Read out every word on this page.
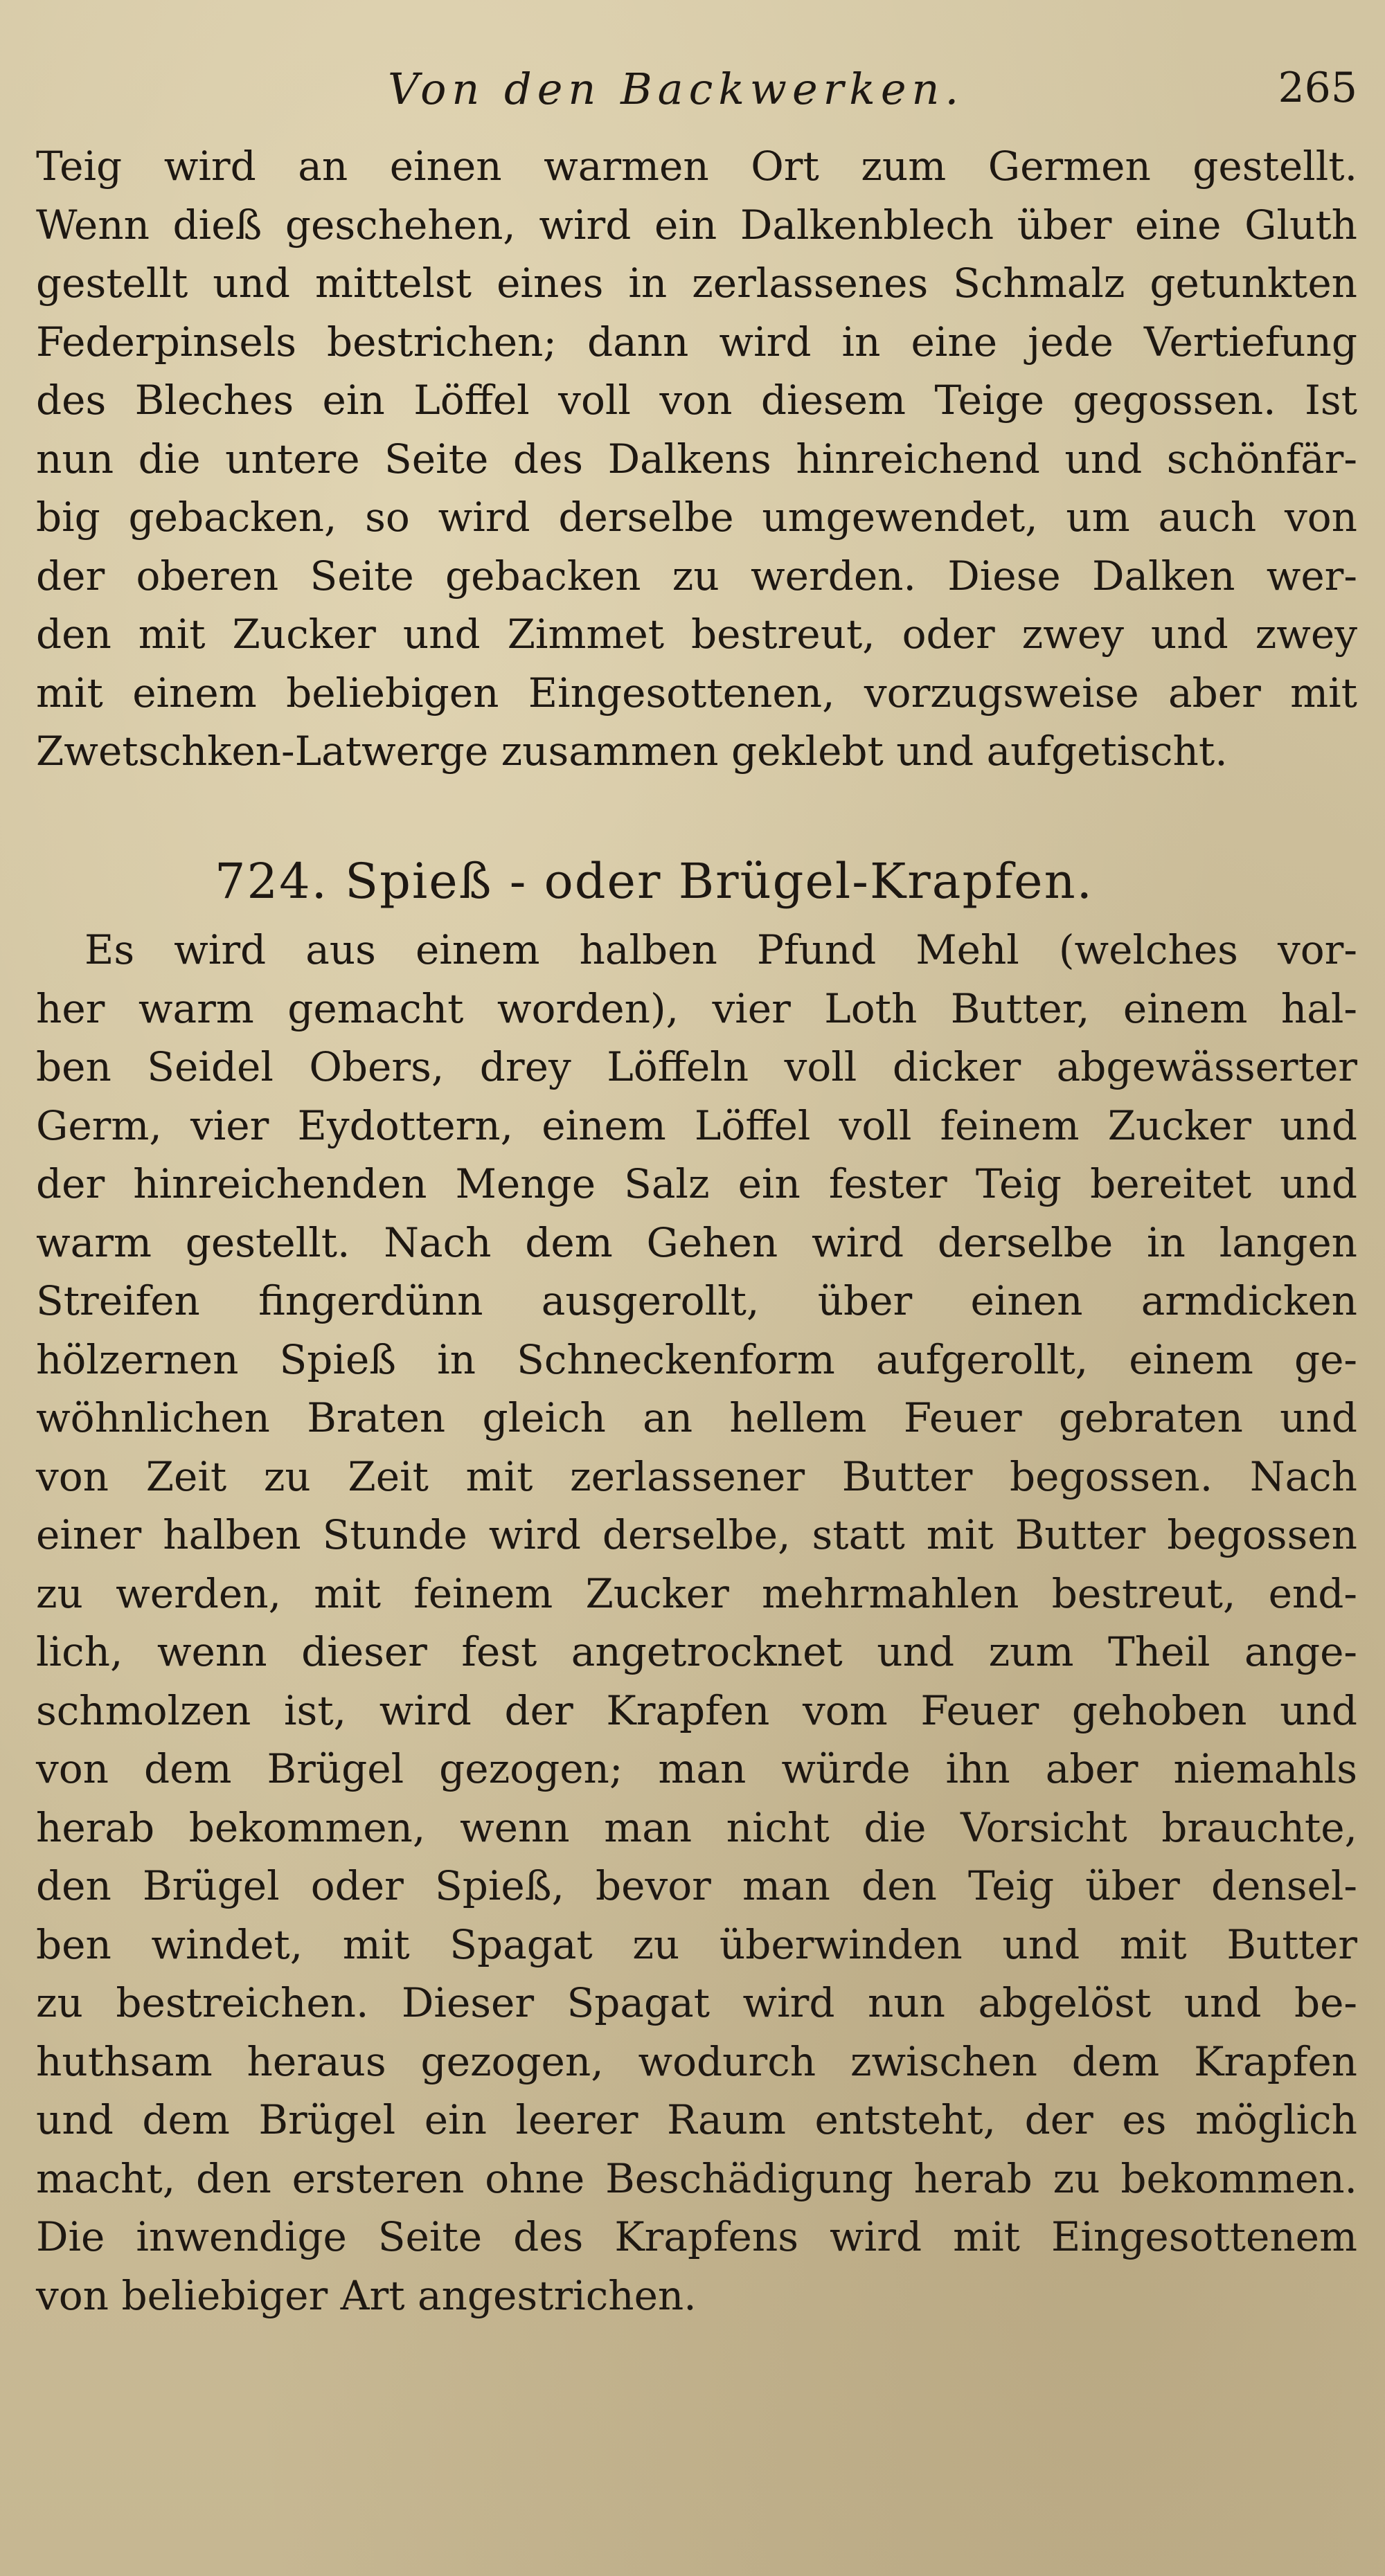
Von den Backwerken.	265
Teig wird an einen warmen Ort zum Germen gestellt.
Wenn dieß geschehen, wird ein Dalkenblech über eine Gluth
gestellt und mittelst eines in zerlassenes Schmalz getunkten
Federpinsels bestrichen; dann wird in eine jede Vertiefung
des Bleches ein Löffel voll von diesem Teige gegossen. Ist
nun die untere Seite des Dalkens hinreichend und schönfär-
big gebacken, so wird derselbe umgewendet, um auch von
der oberen Seite gebacken zu werden. Diese Dalken wer-
den mit Zucker und Zimmet bestreut, oder zwey und zwey
mit einem beliebigen Eingesottenen, vorzugsweise aber mit
Zwetschken-Latwerge zusammen geklebt und aufgetischt.
724. Spieß - oder Brügel-Krapfen.
Es wird aus einem halben Pfund Mehl (welches vor-
her warm gemacht worden), vier Loth Butter, einem hal-
ben Seidel Obers, drey Löffeln voll dicker abgewässerter
Germ, vier Eydottern, einem Löffel voll feinem Zucker und
der hinreichenden Menge Salz ein fester Teig bereitet und
warm gestellt. Nach dem Gehen wird derselbe in langen
Streifen fingerdünn ausgerollt, über einen armdicken
hölzernen Spieß in Schneckenform aufgerollt, einem ge-
wöhnlichen Braten gleich an hellem Feuer gebraten und
von Zeit zu Zeit mit zerlassener Butter begossen. Nach
einer halben Stunde wird derselbe, statt mit Butter begossen
zu werden, mit feinem Zucker mehrmahlen bestreut, end-
lich, wenn dieser fest angetrocknet und zum Theil ange-
schmolzen ist, wird der Krapfen vom Feuer gehoben und
von dem Brügel gezogen; man würde ihn aber niemahls
herab bekommen, wenn man nicht die Vorsicht brauchte,
den Brügel oder Spieß, bevor man den Teig über densel-
ben windet, mit Spagat zu überwinden und mit Butter
zu bestreichen. Dieser Spagat wird nun abgelöst und be-
huthsam heraus gezogen, wodurch zwischen dem Krapfen
und dem Brügel ein leerer Raum entsteht, der es möglich
macht, den ersteren ohne Beschädigung herab zu bekommen.
Die inwendige Seite des Krapfens wird mit Eingesottenem
von beliebiger Art angestrichen.
